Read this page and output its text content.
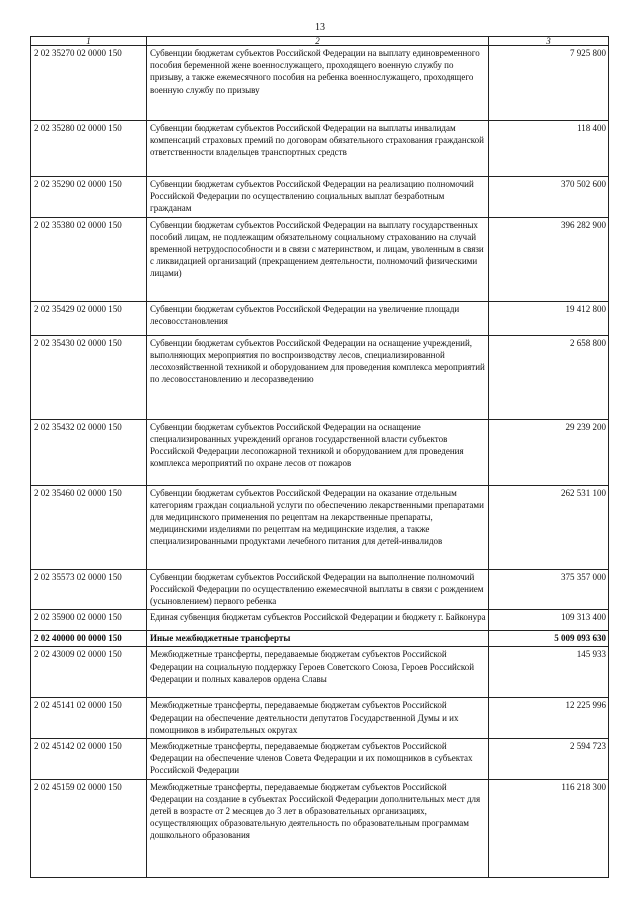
13
1	2	3
2 02 35270 02 0000 150	Субвенции бюджетам субъектов Российской Федерации на выплату единовременного пособия беременной жене военнослужащего, проходящего военную службу по призыву, а также ежемесячного пособия на ребенка военнослужащего, проходящего военную службу по призыву	7 925 800
2 02 35280 02 0000 150	Субвенции бюджетам субъектов Российской Федерации на выплаты инвалидам компенсаций страховых премий по договорам обязательного страхования гражданской ответственности владельцев транспортных средств	118 400
2 02 35290 02 0000 150	Субвенции бюджетам субъектов Российской Федерации на реализацию полномочий Российской Федерации по осуществлению социальных выплат безработным гражданам	370 502 600
2 02 35380 02 0000 150	Субвенции бюджетам субъектов Российской Федерации на выплату государственных пособий лицам, не подлежащим обязательному социальному страхованию на случай временной нетрудоспособности и в связи с материнством, и лицам, уволенным в связи с ликвидацией организаций (прекращением деятельности, полномочий физическими лицами)	396 282 900
2 02 35429 02 0000 150	Субвенции бюджетам субъектов Российской Федерации на увеличение площади лесовосстановления	19 412 800
2 02 35430 02 0000 150	Субвенции бюджетам субъектов Российской Федерации на оснащение учреждений, выполняющих мероприятия по воспроизводству лесов, специализированной лесохозяйственной техникой и оборудованием для проведения комплекса мероприятий по лесовосстановлению и лесоразведению	2 658 800
2 02 35432 02 0000 150	Субвенции бюджетам субъектов Российской Федерации на оснащение специализированных учреждений органов государственной власти субъектов Российской Федерации лесопожарной техникой и оборудованием для проведения комплекса мероприятий по охране лесов от пожаров	29 239 200
2 02 35460 02 0000 150	Субвенции бюджетам субъектов Российской Федерации на оказание отдельным категориям граждан социальной услуги по обеспечению лекарственными препаратами для медицинского применения по рецептам на лекарственные препараты, медицинскими изделиями по рецептам на медицинские изделия, а также специализированными продуктами лечебного питания для детей-инвалидов	262 531 100
2 02 35573 02 0000 150	Субвенции бюджетам субъектов Российской Федерации на выполнение полномочий Российской Федерации по осуществлению ежемесячной выплаты в связи с рождением (усыновлением) первого ребенка	375 357 000
2 02 35900 02 0000 150	Единая субвенция бюджетам субъектов Российской Федерации и бюджету г. Байконура	109 313 400
2 02 40000 00 0000 150	Иные межбюджетные трансферты	5 009 093 630
2 02 43009 02 0000 150	Межбюджетные трансферты, передаваемые бюджетам субъектов Российской Федерации на социальную поддержку Героев Советского Союза, Героев Российской Федерации и полных кавалеров ордена Славы	145 933
2 02 45141 02 0000 150	Межбюджетные трансферты, передаваемые бюджетам субъектов Российской Федерации на обеспечение деятельности депутатов Государственной Думы и их помощников в избирательных округах	12 225 996
2 02 45142 02 0000 150	Межбюджетные трансферты, передаваемые бюджетам субъектов Российской Федерации на обеспечение членов Совета Федерации и их помощников в субъектах Российской Федерации	2 594 723
2 02 45159 02 0000 150	Межбюджетные трансферты, передаваемые бюджетам субъектов Российской Федерации на создание в субъектах Российской Федерации дополнительных мест для детей в возрасте от 2 месяцев до 3 лет в образовательных организациях, осуществляющих образовательную деятельность по образовательным программам дошкольного образования	116 218 300
